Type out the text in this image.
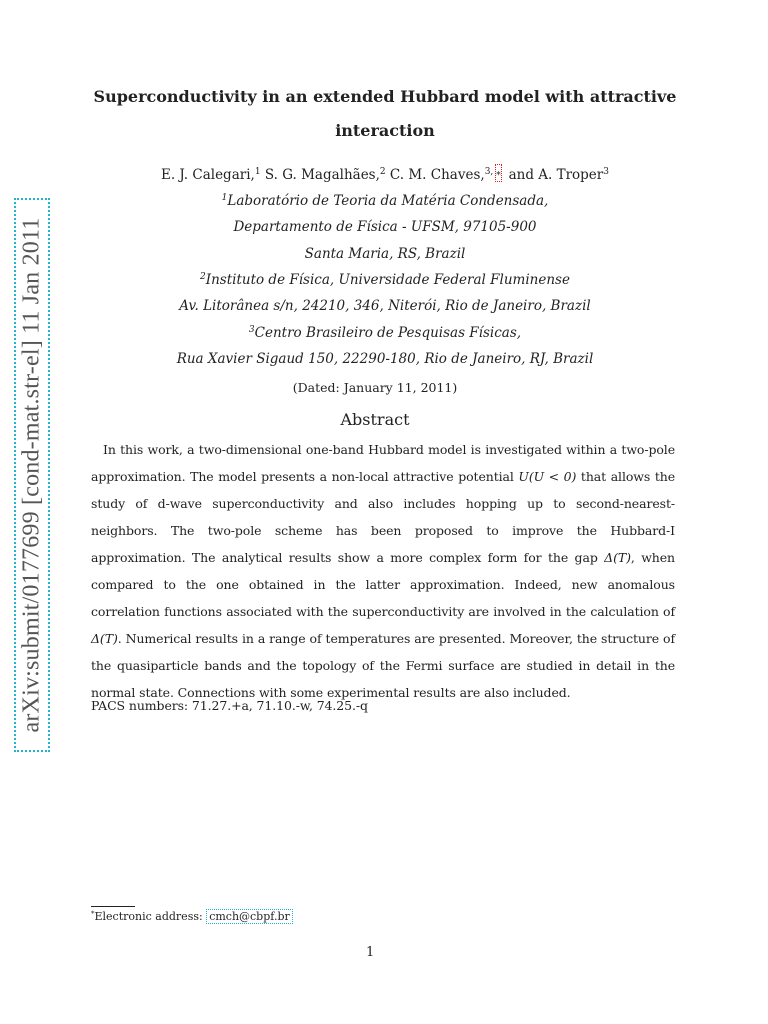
arXiv:submit/0177699 [cond-mat.str-el] 11 Jan 2011
Superconductivity in an extended Hubbard model with attractive
interaction
E. J. Calegari,$^1$ S. G. Magalhães,$^2$ C. M. Chaves,$^{3,}$ * and A. Troper$^3$
$^1$Laboratório de Teoria da Matéria Condensada,
Departamento de Física - UFSM, 97105-900
Santa Maria, RS, Brazil
$^2$Instituto de Física, Universidade Federal Fluminense
Av. Litorânea s/n, 24210, 346, Niterói, Rio de Janeiro, Brazil
$^3$Centro Brasileiro de Pesquisas Físicas,
Rua Xavier Sigaud 150, 22290-180, Rio de Janeiro, RJ, Brazil
(Dated: January 11, 2011)
Abstract
In this work, a two-dimensional one-band Hubbard model is investigated within a two-pole approximation. The model presents a non-local attractive potential U(U < 0) that allows the study of d-wave superconductivity and also includes hopping up to second-nearest-neighbors. The two-pole scheme has been proposed to improve the Hubbard-I approximation. The analytical results show a more complex form for the gap Δ(T), when compared to the one obtained in the latter approximation. Indeed, new anomalous correlation functions associated with the superconductivity are involved in the calculation of Δ(T). Numerical results in a range of temperatures are presented. Moreover, the structure of the quasiparticle bands and the topology of the Fermi surface are studied in detail in the normal state. Connections with some experimental results are also included.
PACS numbers: 71.27.+a, 71.10.-w, 74.25.-q
*Electronic address: cmch@cbpf.br
1
